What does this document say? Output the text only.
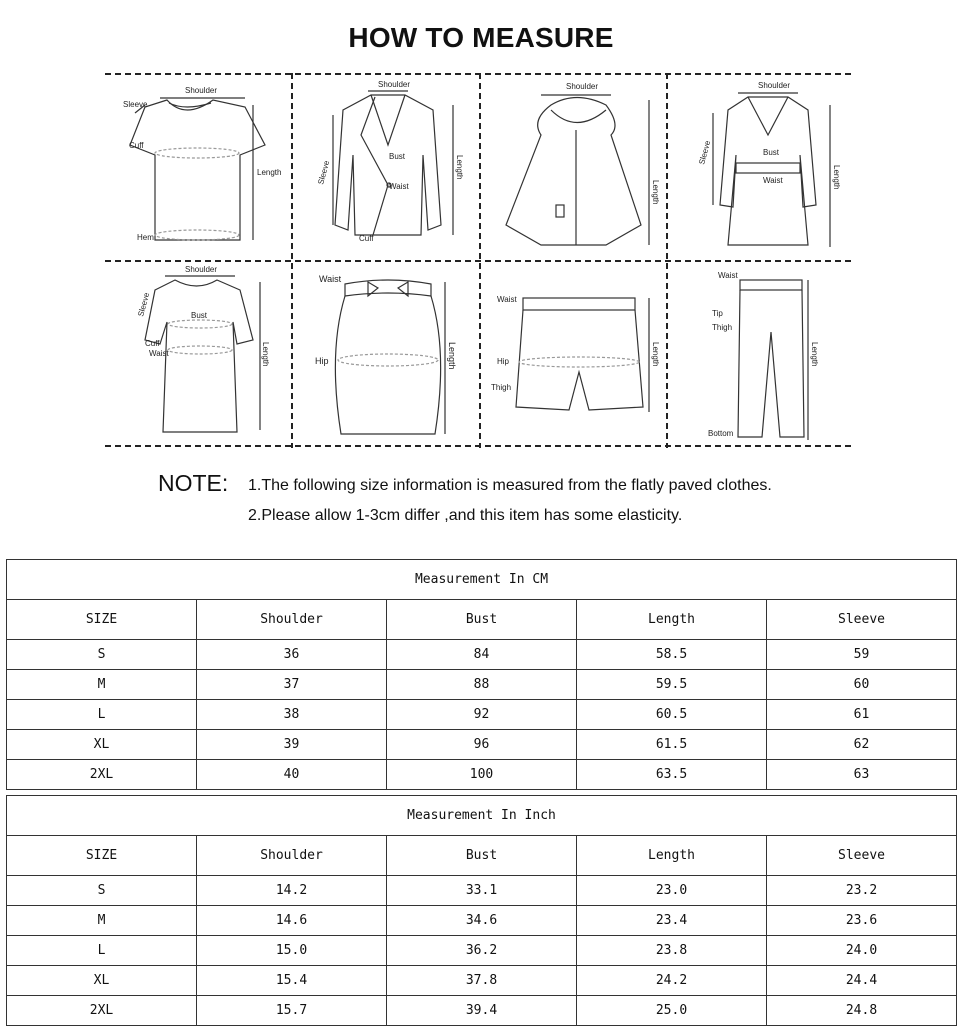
HOW TO MEASURE
Shoulder
Sleeve
Cuff
Length
Hem
Shoulder
Sleeve
Bust
Waist
Length
Cuff
Shoulder
Length
Shoulder
Sleeve	Bust
Waist	Length
Shoulder
Sleeve	Bust
Cuff
Waist	Length
Waist
Hip	Length
Waist
Hip
Thigh
Length
Waist
Tip
Thigh
Length
Bottom
NOTE: 1.The following size information is measured from the flatly paved clothes.
2.Please allow 1-3cm differ ,and this item has some elasticity.
Measurement In CM				
SIZE	Shoulder	Bust	Length	Sleeve
S	36	84	58.5	59
M	37	88	59.5	60
L	38	92	60.5	61
XL	39	96	61.5	62
2XL	40	100	63.5	63
Measurement In Inch				
SIZE	Shoulder	Bust	Length	Sleeve
S	14.2	33.1	23.0	23.2
M	14.6	34.6	23.4	23.6
L	15.0	36.2	23.8	24.0
XL	15.4	37.8	24.2	24.4
2XL	15.7	39.4	25.0	24.8
